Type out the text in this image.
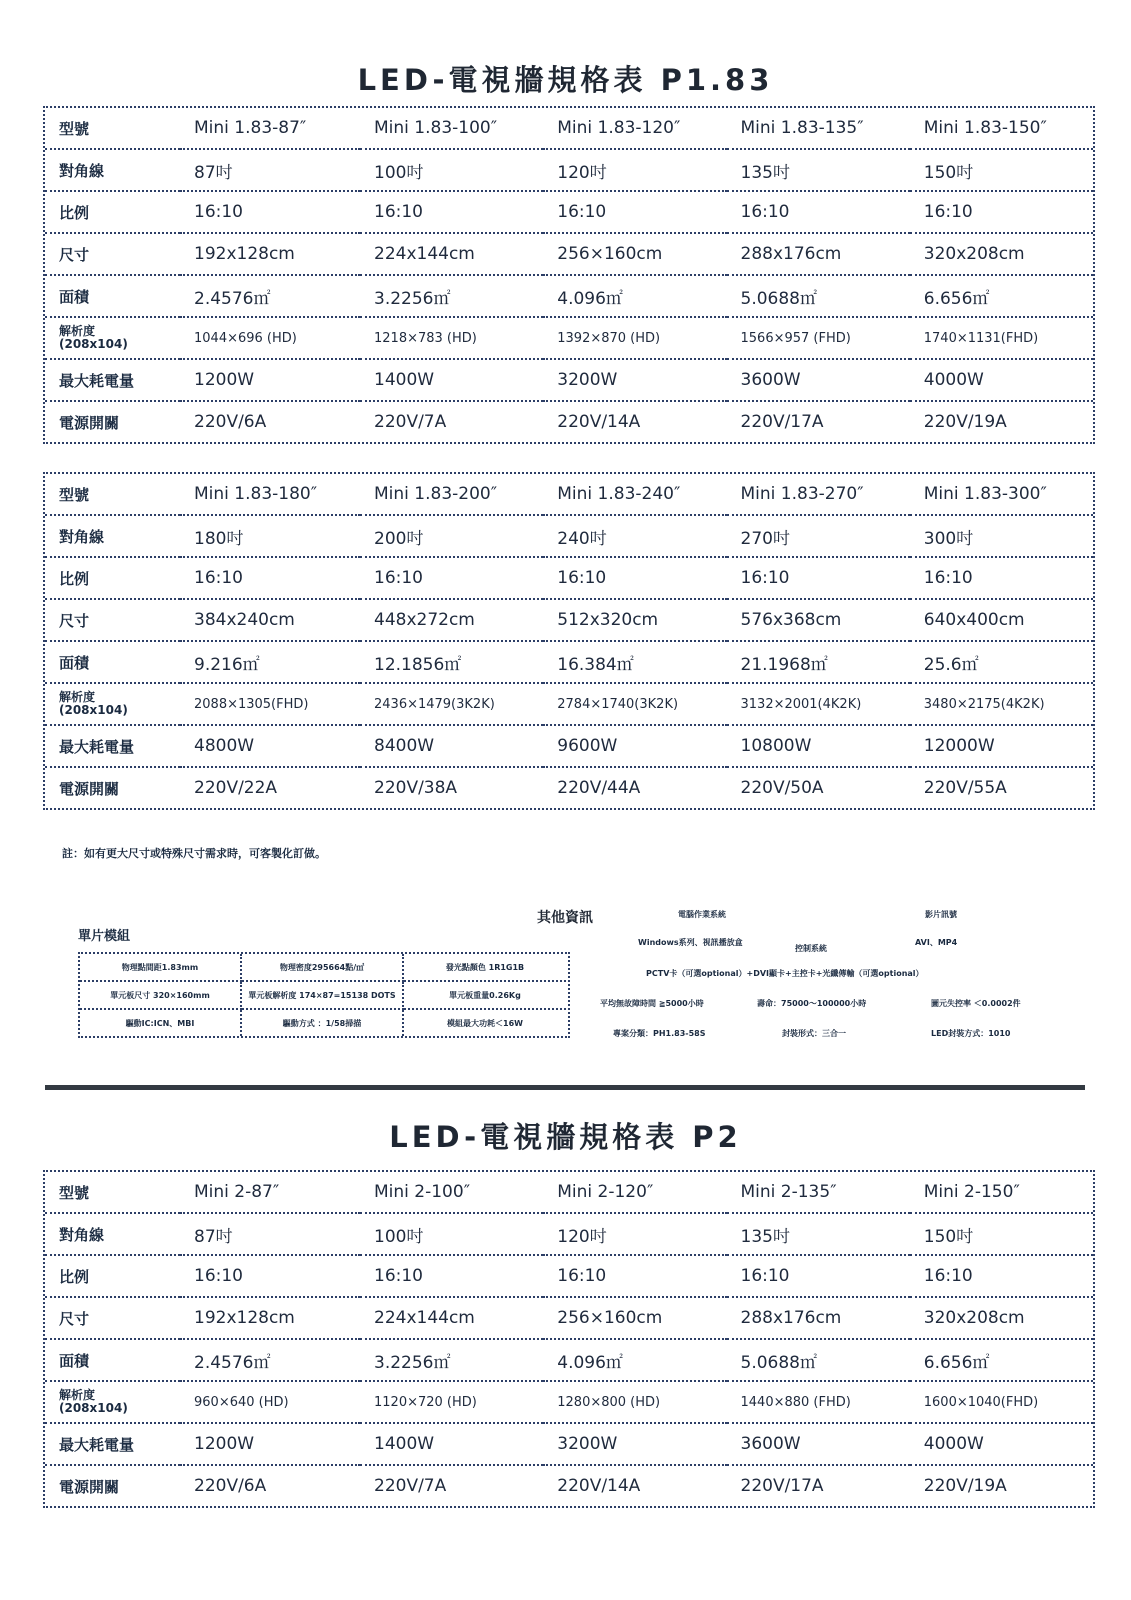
LED-電視牆規格表 P1.83
型號	Mini 1.83-87″	Mini 1.83-100″	Mini 1.83-120″	Mini 1.83-135″	Mini 1.83-150″
對角線	87吋	100吋	120吋	135吋	150吋
比例	16:10	16:10	16:10	16:10	16:10
尺寸	192x128cm	224x144cm	256×160cm	288x176cm	320x208cm
面積	2.4576㎡	3.2256㎡	4.096㎡	5.0688㎡	6.656㎡

解析度
(208x104)	1044×696 (HD)	1218×783 (HD)	1392×870 (HD)	1566×957 (FHD)	1740×1131(FHD)
最大耗電量	1200W	1400W	3200W	3600W	4000W
電源開關	220V/6A	220V/7A	220V/14A	220V/17A	220V/19A
型號	Mini 1.83-180″	Mini 1.83-200″	Mini 1.83-240″	Mini 1.83-270″	Mini 1.83-300″
對角線	180吋	200吋	240吋	270吋	300吋
比例	16:10	16:10	16:10	16:10	16:10
尺寸	384x240cm	448x272cm	512x320cm	576x368cm	640x400cm
面積	9.216㎡	12.1856㎡	16.384㎡	21.1968㎡	25.6㎡

解析度
(208x104)	2088×1305(FHD)	2436×1479(3K2K)	2784×1740(3K2K)	3132×2001(4K2K)	3480×2175(4K2K)
最大耗電量	4800W	8400W	9600W	10800W	12000W
電源開關	220V/22A	220V/38A	220V/44A	220V/50A	220V/55A
註：如有更大尺寸或特殊尺寸需求時，可客製化訂做。
其他資訊
單片模組
物理點間距1.83mm	物理密度295664點/㎡	發光點顏色 1R1G1B
單元板尺寸 320×160mm	單元板解析度 174×87=15138 DOTS	單元板重量0.26Kg
驅動IC:ICN、MBI	驅動方式 ：1/58掃描	模組最大功耗＜16W
電腦作業系統	影片訊號
Windows系列、視訊播放盒
控制系統
AVI、MP4
PCTV卡（可選optional）+DVI顯卡+主控卡+光纖傳輸（可選optional）
平均無故障時間 ≧5000小時	壽命：75000～100000小時	圖元失控率 ＜0.0002件
專案分類：PH1.83-58S	封裝形式：三合一	LED封裝方式：1010
LED-電視牆規格表 P2
型號	Mini 2-87″	Mini 2-100″	Mini 2-120″	Mini 2-135″	Mini 2-150″
對角線	87吋	100吋	120吋	135吋	150吋
比例	16:10	16:10	16:10	16:10	16:10
尺寸	192x128cm	224x144cm	256×160cm	288x176cm	320x208cm
面積	2.4576㎡	3.2256㎡	4.096㎡	5.0688㎡	6.656㎡

解析度
(208x104)	960×640 (HD)	1120×720 (HD)	1280×800 (HD)	1440×880 (FHD)	1600×1040(FHD)
最大耗電量	1200W	1400W	3200W	3600W	4000W
電源開關	220V/6A	220V/7A	220V/14A	220V/17A	220V/19A
